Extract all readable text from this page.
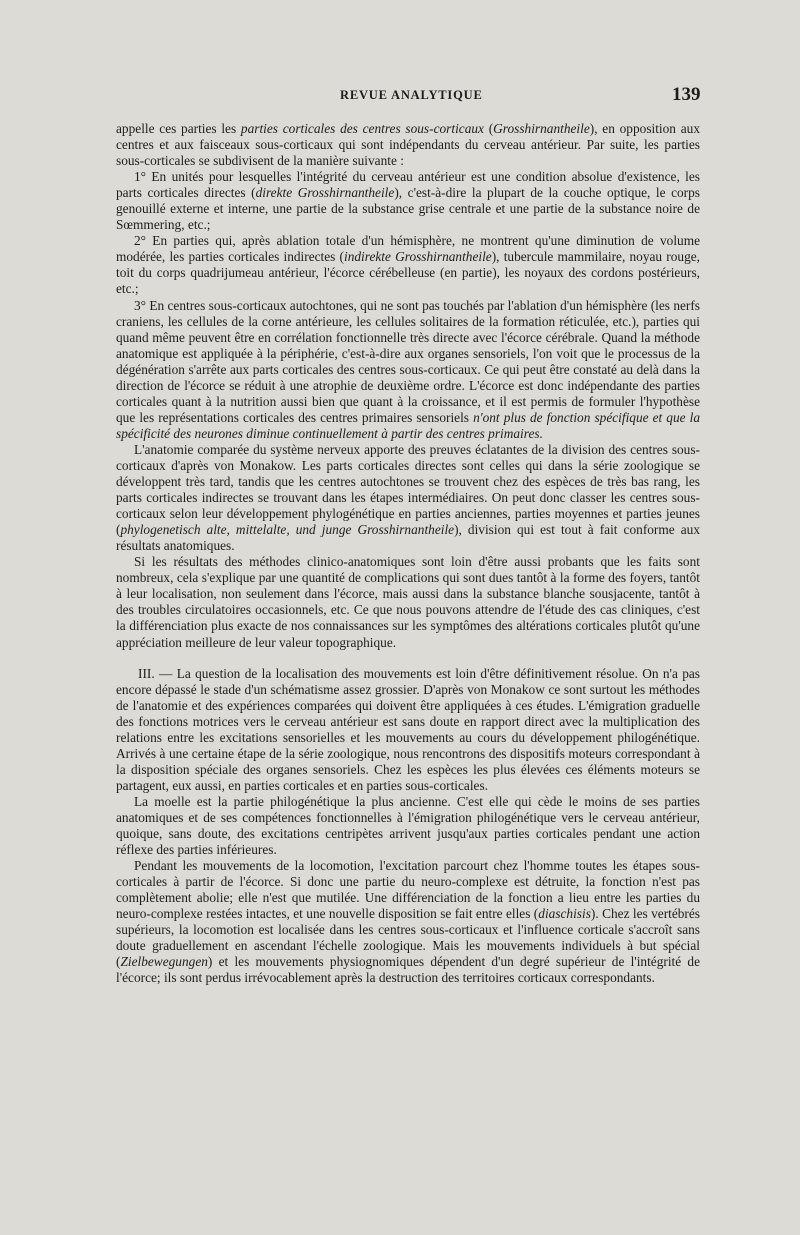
REVUE ANALYTIQUE	139

appelle ces parties les parties corticales des centres sous-corticaux (Grosshirnantheile), en opposition aux centres et aux faisceaux sous-corticaux qui sont indépendants du cerveau antérieur. Par suite, les parties sous-corticales se subdivisent de la manière suivante :

1° En unités pour lesquelles l'intégrité du cerveau antérieur est une condition absolue d'existence, les parts corticales directes (direkte Grosshirnantheile), c'est-à-dire la plupart de la couche optique, le corps genouillé externe et interne, une partie de la substance grise centrale et une partie de la substance noire de Sœmmering, etc.;

2° En parties qui, après ablation totale d'un hémisphère, ne montrent qu'une diminution de volume modérée, les parties corticales indirectes (indirekte Grosshirnantheile), tubercule mammilaire, noyau rouge, toit du corps quadrijumeau antérieur, l'écorce cérébelleuse (en partie), les noyaux des cordons postérieurs, etc.;

3° En centres sous-corticaux autochtones, qui ne sont pas touchés par l'ablation d'un hémisphère (les nerfs craniens, les cellules de la corne antérieure, les cellules solitaires de la formation réticulée, etc.), parties qui quand même peuvent être en corrélation fonctionnelle très directe avec l'écorce cérébrale. Quand la méthode anatomique est appliquée à la périphérie, c'est-à-dire aux organes sensoriels, l'on voit que le processus de la dégénération s'arrête aux parts corticales des centres sous-corticaux. Ce qui peut être constaté au delà dans la direction de l'écorce se réduit à une atrophie de deuxième ordre. L'écorce est donc indépendante des parties corticales quant à la nutrition aussi bien que quant à la croissance, et il est permis de formuler l'hypothèse que les représentations corticales des centres primaires sensoriels n'ont plus de fonction spécifique et que la spécificité des neurones diminue continuellement à partir des centres primaires.

L'anatomie comparée du système nerveux apporte des preuves éclatantes de la division des centres sous-corticaux d'après von Monakow. Les parts corticales directes sont celles qui dans la série zoologique se développent très tard, tandis que les centres autochtones se trouvent chez des espèces de très bas rang, les parts corticales indirectes se trouvant dans les étapes intermédiaires. On peut donc classer les centres sous-corticaux selon leur développement phylogénétique en parties anciennes, parties moyennes et parties jeunes (phylogenetisch alte, mittelalte, und junge Grosshirnantheile), division qui est tout à fait conforme aux résultats anatomiques.

Si les résultats des méthodes clinico-anatomiques sont loin d'être aussi probants que les faits sont nombreux, cela s'explique par une quantité de complications qui sont dues tantôt à la forme des foyers, tantôt à leur localisation, non seulement dans l'écorce, mais aussi dans la substance blanche sousjacente, tantôt à des troubles circulatoires occasionnels, etc. Ce que nous pouvons attendre de l'étude des cas cliniques, c'est la différenciation plus exacte de nos connaissances sur les symptômes des altérations corticales plutôt qu'une appréciation meilleure de leur valeur topographique.

III. — La question de la localisation des mouvements est loin d'être définitivement résolue. On n'a pas encore dépassé le stade d'un schématisme assez grossier. D'après von Monakow ce sont surtout les méthodes de l'anatomie et des expériences comparées qui doivent être appliquées à ces études. L'émigration graduelle des fonctions motrices vers le cerveau antérieur est sans doute en rapport direct avec la multiplication des relations entre les excitations sensorielles et les mouvements au cours du développement philogénétique. Arrivés à une certaine étape de la série zoologique, nous rencontrons des dispositifs moteurs correspondant à la disposition spéciale des organes sensoriels. Chez les espèces les plus élevées ces éléments moteurs se partagent, eux aussi, en parties corticales et en parties sous-corticales.

La moelle est la partie philogénétique la plus ancienne. C'est elle qui cède le moins de ses parties anatomiques et de ses compétences fonctionnelles à l'émigration philogénétique vers le cerveau antérieur, quoique, sans doute, des excitations centripètes arrivent jusqu'aux parties corticales pendant une action réflexe des parties inférieures.

Pendant les mouvements de la locomotion, l'excitation parcourt chez l'homme toutes les étapes sous-corticales à partir de l'écorce. Si donc une partie du neuro-complexe est détruite, la fonction n'est pas complètement abolie; elle n'est que mutilée. Une différenciation de la fonction a lieu entre les parties du neuro-complexe restées intactes, et une nouvelle disposition se fait entre elles (diaschisis). Chez les vertébrés supérieurs, la locomotion est localisée dans les centres sous-corticaux et l'influence corticale s'accroît sans doute graduellement en ascendant l'échelle zoologique. Mais les mouvements individuels à but spécial (Zielbewegungen) et les mouvements physiognomiques dépendent d'un degré supérieur de l'intégrité de l'écorce; ils sont perdus irrévocablement après la destruction des territoires corticaux correspondants.
